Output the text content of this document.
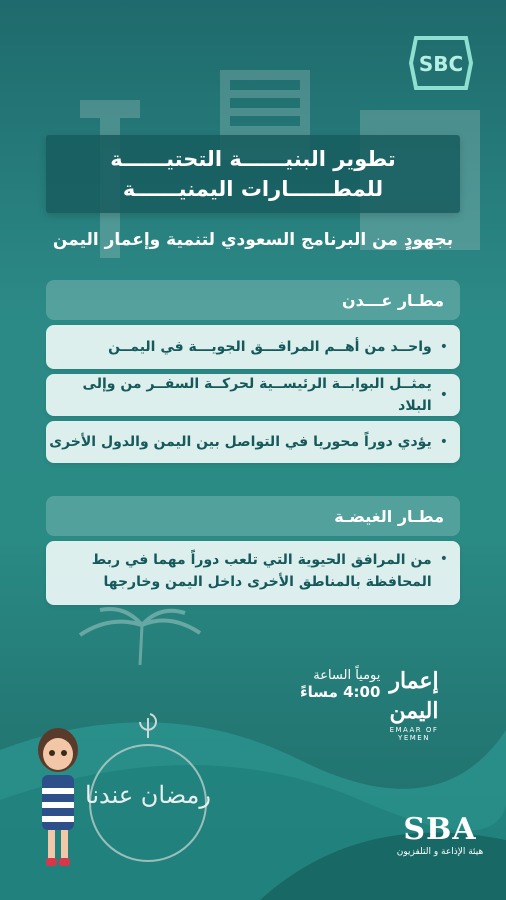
SBC
تطوير البنيــــــة التحتيــــــة
للمطــــــارات اليمنيــــــة
بجهودٍ من البرنامج السعودي لتنمية وإعمار اليمن
مطـار عـــدن
•
واحــد من أهــم المرافـــق الجويـــة في اليمــن
•
يمثــل البوابــة الرئيســية لحركــة السفــر من وإلى البلاد
•
يؤدي دوراً محوريا في التواصل بين اليمن والدول الأخرى
مطـار الغيضـة
•
من المرافق الحيوية التي تلعب دوراً مهما في ربط المحافظة بالمناطق الأخرى داخل اليمن وخارجها
يومياً الساعة
4:00 مساءً إعمار اليمن
EMAAR OF YEMEN
رمضان عندنا
SBA
هيئة الإذاعة و التلفزيون
